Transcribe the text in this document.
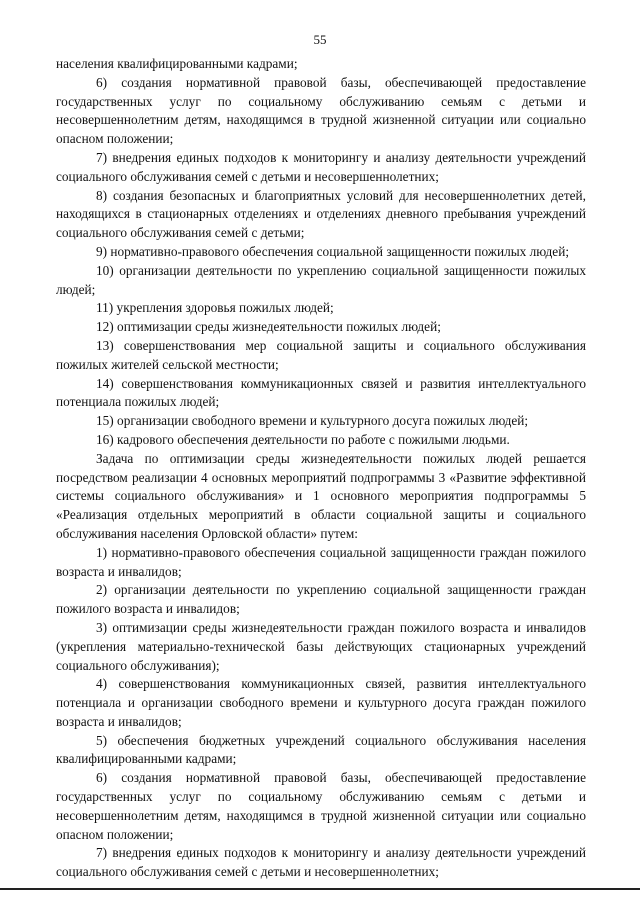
55

населения квалифицированными кадрами;

6) создания нормативной правовой базы, обеспечивающей предоставление государственных услуг по социальному обслуживанию семьям с детьми и несовершеннолетним детям, находящимся в трудной жизненной ситуации или социально опасном положении;

7) внедрения единых подходов к мониторингу и анализу деятельности учреждений социального обслуживания семей с детьми и несовершеннолетних;

8) создания безопасных и благоприятных условий для несовершеннолетних детей, находящихся в стационарных отделениях и отделениях дневного пребывания учреждений социального обслуживания семей с детьми;

9) нормативно-правового обеспечения социальной защищенности пожилых людей;

10) организации деятельности по укреплению социальной защищенности пожилых людей;

11) укрепления здоровья пожилых людей;

12) оптимизации среды жизнедеятельности пожилых людей;

13) совершенствования мер социальной защиты и социального обслуживания пожилых жителей сельской местности;

14) совершенствования коммуникационных связей и развития интеллектуального потенциала пожилых людей;

15) организации свободного времени и культурного досуга пожилых людей;

16) кадрового обеспечения деятельности по работе с пожилыми людьми.

Задача по оптимизации среды жизнедеятельности пожилых людей решается посредством реализации 4 основных мероприятий подпрограммы 3 «Развитие эффективной системы социального обслуживания» и 1 основного мероприятия подпрограммы 5 «Реализация отдельных мероприятий в области социальной защиты и социального обслуживания населения Орловской области» путем:

1) нормативно-правового обеспечения социальной защищенности граждан пожилого возраста и инвалидов;

2) организации деятельности по укреплению социальной защищенности граждан пожилого возраста и инвалидов;

3) оптимизации среды жизнедеятельности граждан пожилого возраста и инвалидов (укрепления материально-технической базы действующих стационарных учреждений социального обслуживания);

4) совершенствования коммуникационных связей, развития интеллектуального потенциала и организации свободного времени и культурного досуга граждан пожилого возраста и инвалидов;

5) обеспечения бюджетных учреждений социального обслуживания населения квалифицированными кадрами;

6) создания нормативной правовой базы, обеспечивающей предоставление государственных услуг по социальному обслуживанию семьям с детьми и несовершеннолетним детям, находящимся в трудной жизненной ситуации или социально опасном положении;

7) внедрения единых подходов к мониторингу и анализу деятельности учреждений социального обслуживания семей с детьми и несовершеннолетних;
